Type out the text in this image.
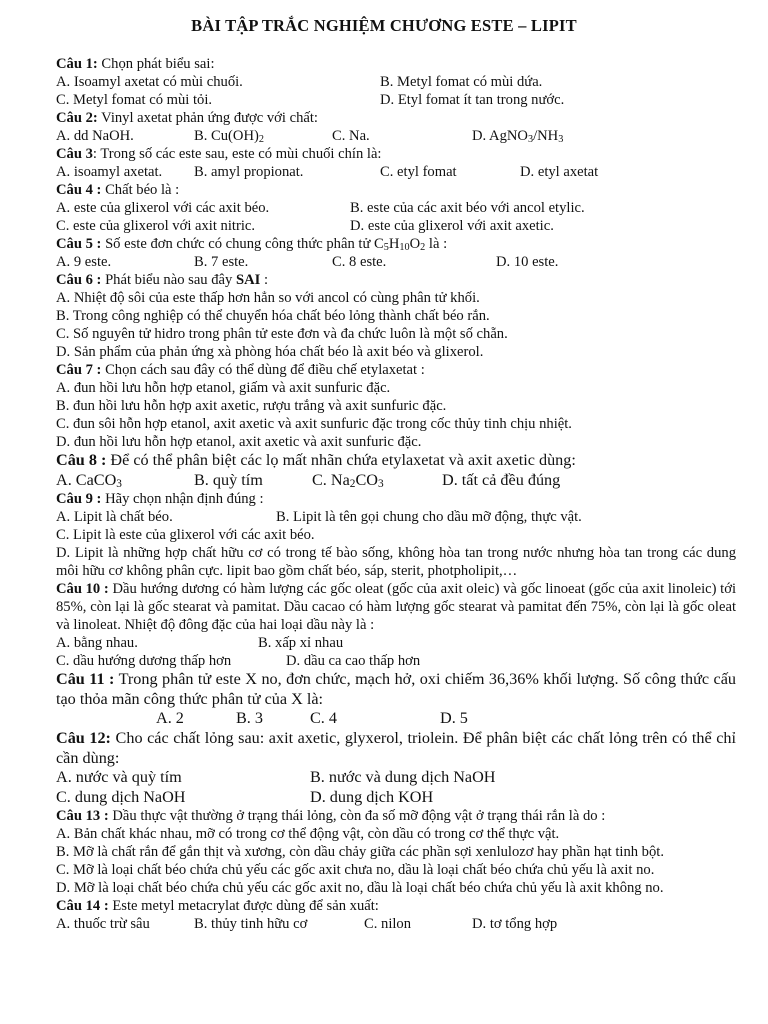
BÀI TẬP TRẮC NGHIỆM CHƯƠNG ESTE – LIPIT
Câu 1: Chọn phát biểu sai:
A. Isoamyl axetat có mùi chuối.	B. Metyl fomat có mùi dứa.
C. Metyl fomat có mùi tỏi.	D. Etyl fomat ít tan trong nước.
Câu 2: Vinyl axetat phản ứng được với chất:
A. dd NaOH.	B. $Cu(OH)_2$	C. Na.	D. $AgNO_3/NH_3$
Câu 3: Trong số các este sau, este có mùi chuối chín là:
A. isoamyl axetat.	B. amyl propionat.	C. etyl fomat	D. etyl axetat
Câu 4 : Chất béo là :
A. este của glixerol với các axit béo.	B. este của các axit béo với ancol etylic.
C. este của glixerol với axit nitric.	D. este của glixerol với axit axetic.
Câu 5 : Số este đơn chức có chung công thức phân tử $C_5H_{10}O_2$ là :
A. 9 este.	B. 7 este.	C. 8 este.	D. 10 este.
Câu 6 : Phát biểu nào sau đây SAI :
A. Nhiệt độ sôi của este thấp hơn hẳn so với ancol có cùng phân tử khối.
B. Trong công nghiệp có thể chuyển hóa chất béo lỏng thành chất béo rắn.
C. Số nguyên tử hidro trong phân tử este đơn và đa chức luôn là một số chẵn.
D. Sản phẩm của phản ứng xà phòng hóa chất béo là axit béo và glixerol.
Câu 7 : Chọn cách sau đây có thể dùng để điều chế etylaxetat :
A. đun hồi lưu hỗn hợp etanol, giấm và axit sunfuric đặc.
B. đun hồi lưu hỗn hợp axit axetic, rượu trắng và axit sunfuric đặc.
C. đun sôi hỗn hợp etanol, axit axetic và axit sunfuric đặc trong cốc thủy tinh chịu nhiệt.
D. đun hồi lưu hỗn hợp etanol, axit axetic và axit sunfuric đặc.
Câu 8 : Để có thể phân biệt các lọ mất nhãn chứa etylaxetat và axit axetic dùng:
A. CaCO$_3$	B. quỳ tím	C. $Na_2CO_3$	D. tất cả đều đúng
Câu 9 : Hãy chọn nhận định đúng :
A. Lipit là chất béo.	B. Lipit là tên gọi chung cho dầu mỡ động, thực vật.
C. Lipit là este của glixerol với các axit béo.
D. Lipit là những hợp chất hữu cơ có trong tế bào sống, không hòa tan trong nước nhưng hòa tan trong các dung môi hữu cơ không phân cực. lipit bao gồm chất béo, sáp, sterit, photpholipit,…
Câu 10 : Dầu hướng dương có hàm lượng các gốc oleat (gốc của axit oleic) và gốc linoeat (gốc của axit linoleic) tới 85%, còn lại là gốc stearat và pamitat. Dầu cacao có hàm lượng gốc stearat và pamitat đến 75%, còn lại là gốc oleat và linoleat. Nhiệt độ đông đặc của hai loại dầu này là :
A. bằng nhau.	B. xấp xỉ nhau
C. dầu hướng dương thấp hơn	D. dầu ca cao thấp hơn
Câu 11 : Trong phân tử este X no, đơn chức, mạch hở, oxi chiếm 36,36% khối lượng. Số công thức cấu tạo thỏa mãn công thức phân tử của X là:
A. 2	B. 3	C. 4	D. 5
Câu 12: Cho các chất lỏng sau: axit axetic, glyxerol, triolein. Để phân biệt các chất lỏng trên có thể chỉ cần dùng:
A. nước và quỳ tím	B. nước và dung dịch NaOH
C. dung dịch NaOH	D. dung dịch KOH
Câu 13 : Dầu thực vật thường ở trạng thái lỏng, còn đa số mỡ động vật ở trạng thái rắn là do :
A. Bản chất khác nhau, mỡ có trong cơ thể động vật, còn dầu có trong cơ thể thực vật.
B. Mỡ là chất rắn để gắn thịt và xương, còn dầu chảy giữa các phần sợi xenlulozơ hay phần hạt tinh bột.
C. Mỡ là loại chất béo chứa chủ yếu các gốc axit chưa no, dầu là loại chất béo chứa chủ yếu là axit no.
D. Mỡ là loại chất béo chứa chủ yếu các gốc axit no, dầu là loại chất béo chứa chủ yếu là axit không no.
Câu 14 : Este metyl metacrylat được dùng để sản xuất:
A. thuốc trừ sâu	B. thủy tinh hữu cơ	C. nilon	D. tơ tổng hợp
